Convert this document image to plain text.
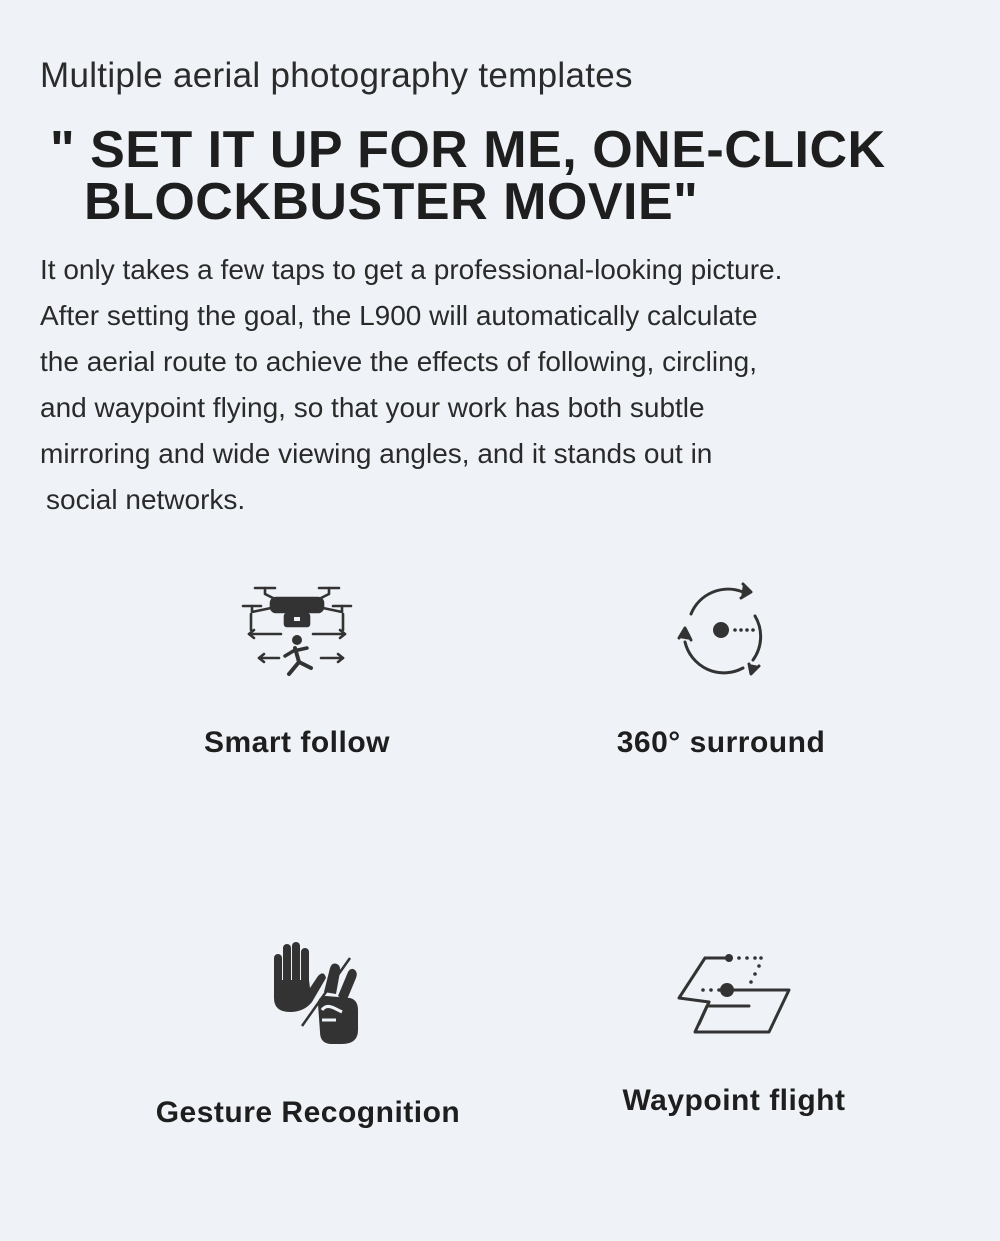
Multiple aerial photography templates
" SET IT UP FOR ME, ONE-CLICK
BLOCKBUSTER MOVIE"
It only takes a few taps to get a professional-looking picture.
After setting the goal, the L900 will automatically calculate
the aerial route to achieve the effects of following, circling,
and waypoint flying, so that your work has both subtle
mirroring and wide viewing angles, and it stands out in
social networks.
Smart follow	360° surround
Gesture Recognition	Waypoint flight
